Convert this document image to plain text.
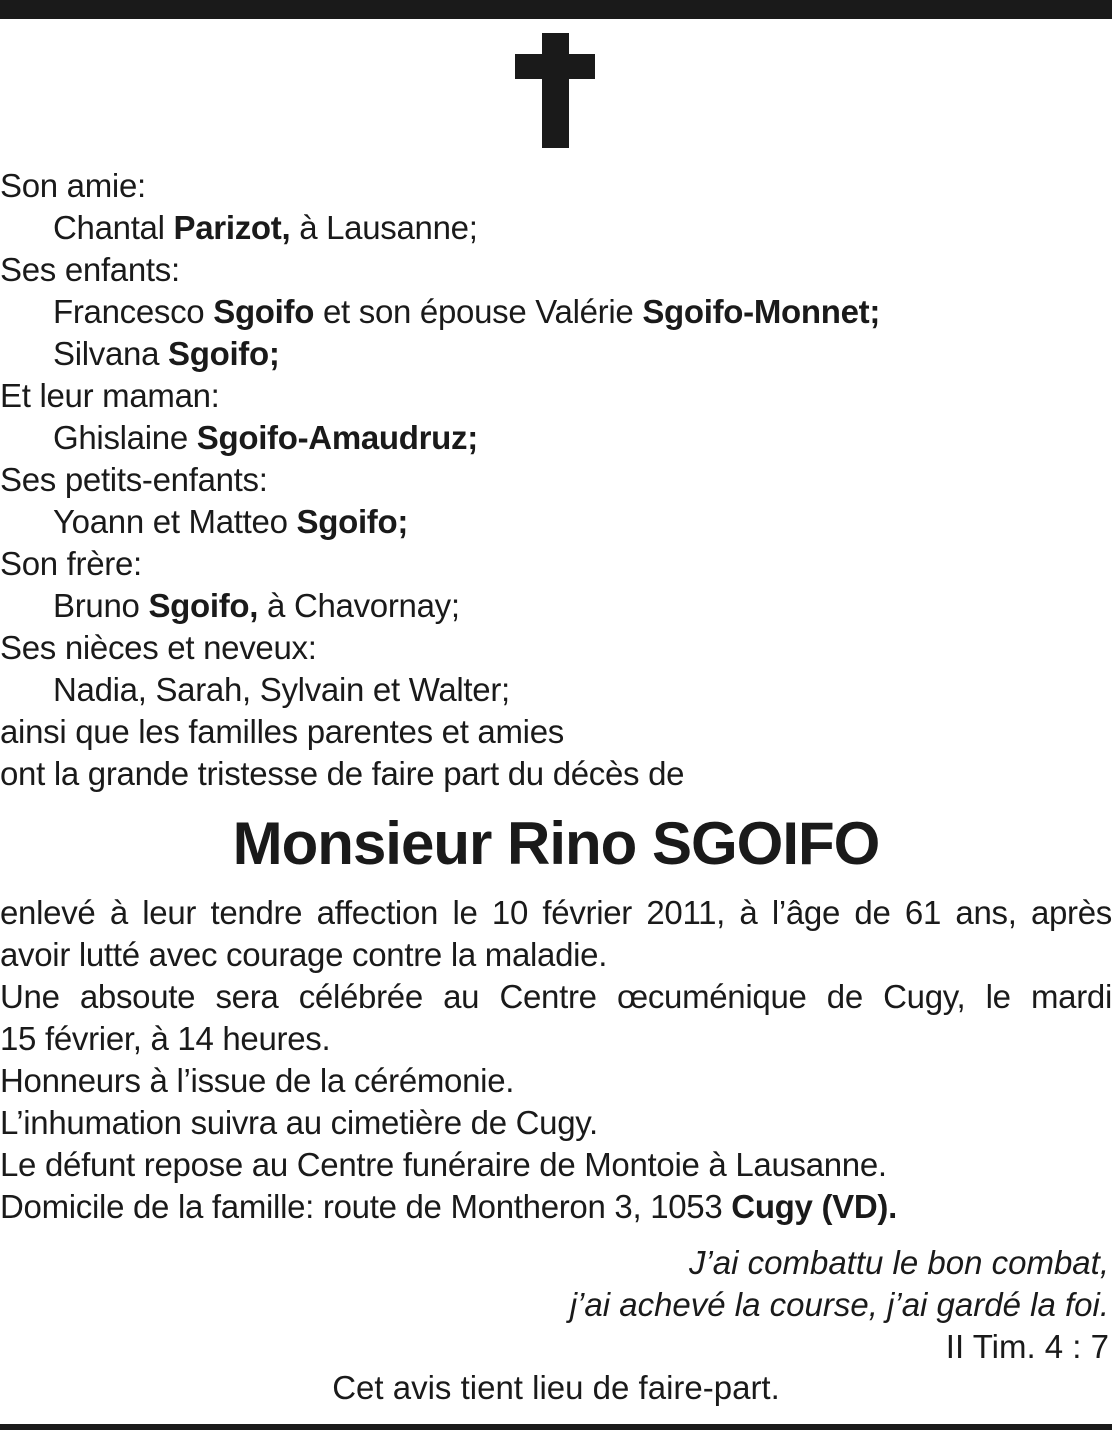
Son amie:
Chantal Parizot, à Lausanne;
Ses enfants:
Francesco Sgoifo et son épouse Valérie Sgoifo-Monnet;
Silvana Sgoifo;
Et leur maman:
Ghislaine Sgoifo-Amaudruz;
Ses petits-enfants:
Yoann et Matteo Sgoifo;
Son frère:
Bruno Sgoifo, à Chavornay;
Ses nièces et neveux:
Nadia, Sarah, Sylvain et Walter;
ainsi que les familles parentes et amies
ont la grande tristesse de faire part du décès de
Monsieur Rino SGOIFO
enlevé à leur tendre affection le 10 février 2011, à l’âge de 61 ans, après
avoir lutté avec courage contre la maladie.
Une absoute sera célébrée au Centre œcuménique de Cugy, le mardi
15 février, à 14 heures.
Honneurs à l’issue de la cérémonie.
L’inhumation suivra au cimetière de Cugy.
Le défunt repose au Centre funéraire de Montoie à Lausanne.
Domicile de la famille: route de Montheron 3, 1053 Cugy (VD).
J’ai combattu le bon combat,
j’ai achevé la course, j’ai gardé la foi.
II Tim. 4 : 7
Cet avis tient lieu de faire-part.
